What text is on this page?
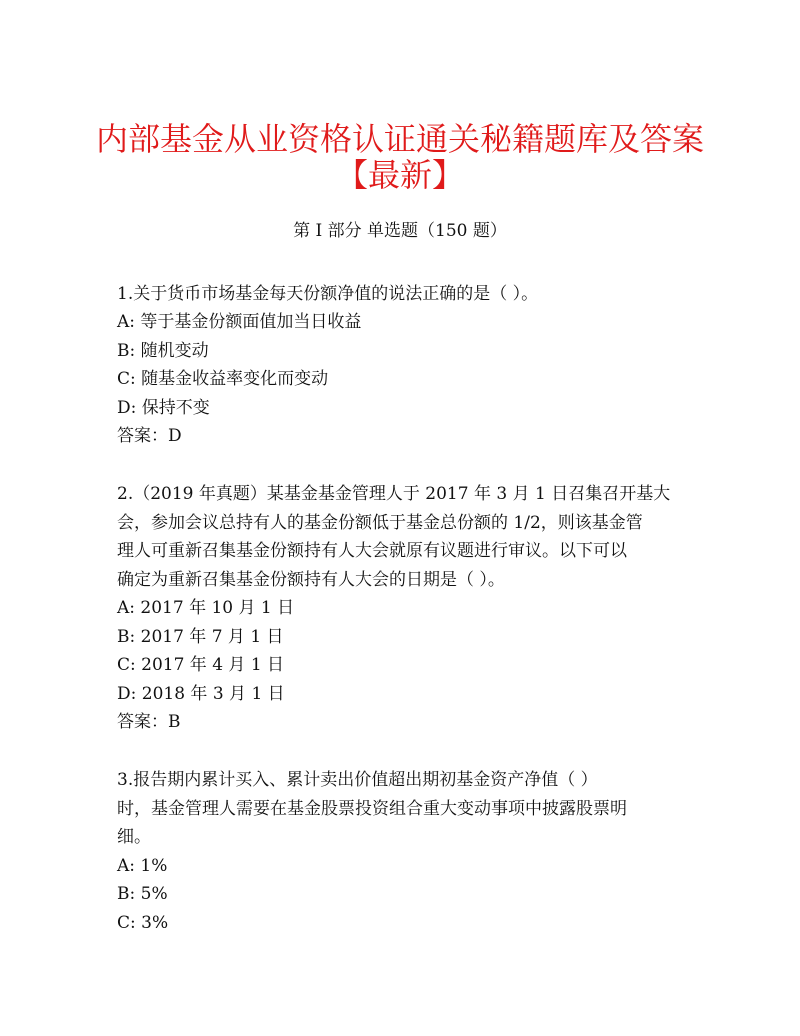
内部基金从业资格认证通关秘籍题库及答案
【最新】
第 I 部分 单选题（150 题）
1.关于货币市场基金每天份额净值的说法正确的是（ ）。
A: 等于基金份额面值加当日收益
B: 随机变动
C: 随基金收益率变化而变动
D: 保持不变
答案：D
2.（2019 年真题）某基金基金管理人于 2017 年 3 月 1 日召集召开基大
会，参加会议总持有人的基金份额低于基金总份额的 1/2，则该基金管
理人可重新召集基金份额持有人大会就原有议题进行审议。以下可以
确定为重新召集基金份额持有人大会的日期是（ ）。
A: 2017 年 10 月 1 日
B: 2017 年 7 月 1 日
C: 2017 年 4 月 1 日
D: 2018 年 3 月 1 日
答案：B
3.报告期内累计买入、累计卖出价值超出期初基金资产净值（ ）
时，基金管理人需要在基金股票投资组合重大变动事项中披露股票明
细。
A: 1%
B: 5%
C: 3%
